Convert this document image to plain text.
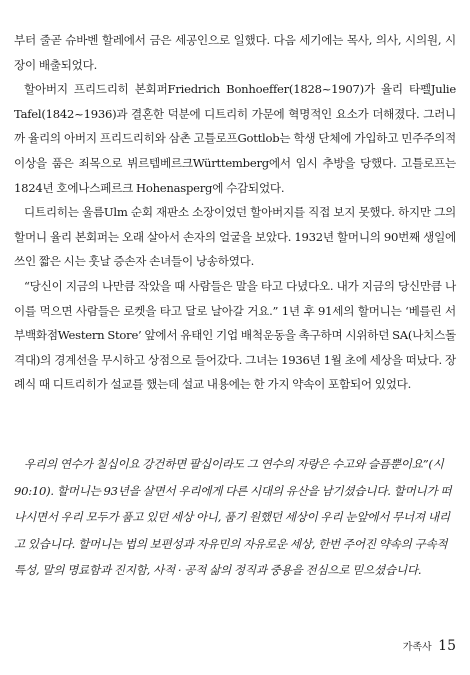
부터 줄곧 슈바벤 할레에서 금은 세공인으로 일했다. 다음 세기에는 목사, 의사, 시의원, 시장이 배출되었다.

할아버지 프리드리히 본회퍼Friedrich Bonhoeffer(1828~1907)가 율리 타펠Julie Tafel(1842~1936)과 결혼한 덕분에 디트리히 가문에 혁명적인 요소가 더해졌다. 그러니까 율리의 아버지 프리드리히와 삼촌 고틀로프Gottlob는 학생 단체에 가입하고 민주주의적 이상을 품은 죄목으로 뷔르템베르크Württemberg에서 임시 추방을 당했다. 고틀로프는 1824년 호에나스페르크 Hohenasperg에 수감되었다.

디트리히는 울름Ulm 순회 재판소 소장이었던 할아버지를 직접 보지 못했다. 하지만 그의 할머니 율리 본회퍼는 오래 살아서 손자의 얼굴을 보았다. 1932년 할머니의 90번째 생일에 쓰인 짧은 시는 훗날 증손자 손녀들이 낭송하였다.

“당신이 지금의 나만큼 작았을 때 사람들은 말을 타고 다녔다오. 내가 지금의 당신만큼 나이를 먹으면 사람들은 로켓을 타고 달로 날아갈 거요.” 1년 후 91세의 할머니는 ‘베를린 서부백화점Western Store’ 앞에서 유태인 기업 배척운동을 촉구하며 시위하던 SA(나치스돌격대)의 경계선을 무시하고 상점으로 들어갔다. 그녀는 1936년 1월 초에 세상을 떠났다. 장례식 때 디트리히가 설교를 했는데 설교 내용에는 한 가지 약속이 포함되어 있었다.

우리의 연수가 칠십이요 강건하면 팔십이라도 그 연수의 자랑은 수고와 슬픔뿐이요”(시 90:10). 할머니는 93년을 살면서 우리에게 다른 시대의 유산을 남기셨습니다. 할머니가 떠나시면서 우리 모두가 품고 있던 세상 아니, 품기 원했던 세상이 우리 눈앞에서 무너져 내리고 있습니다. 할머니는 법의 보편성과 자유민의 자유로운 세상, 한번 주어진 약속의 구속적 특성, 말의 명료함과 진지함, 사적 · 공적 삶의 정직과 중용을 전심으로 믿으셨습니다.

가족사 15
